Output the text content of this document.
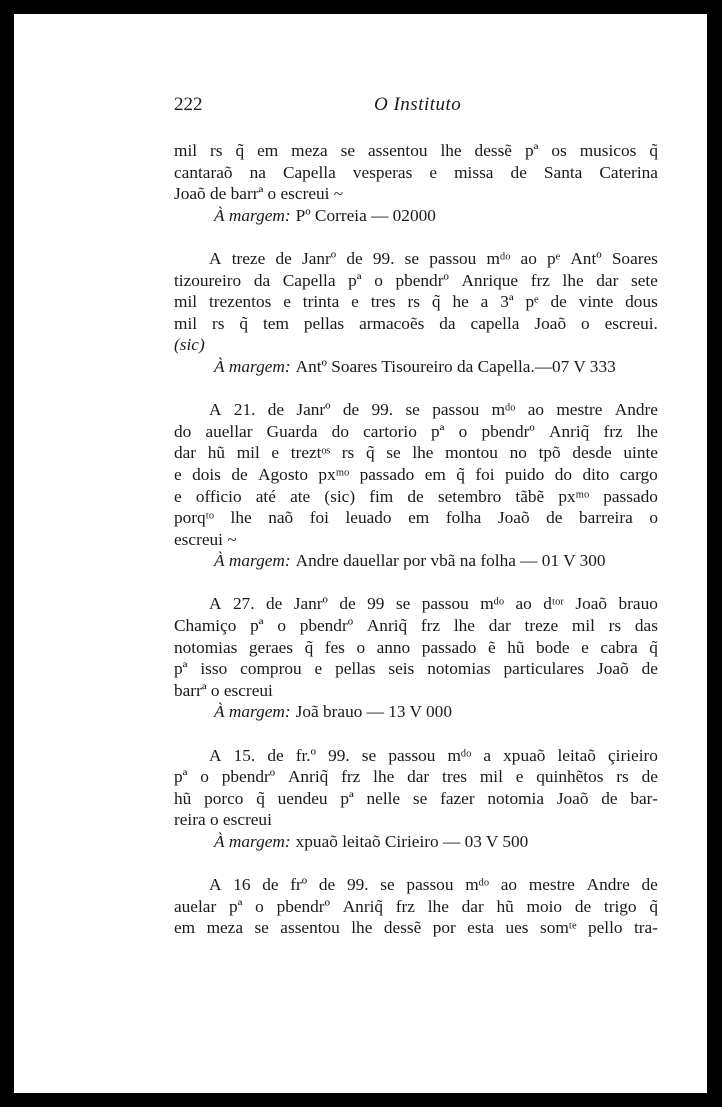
222	O Instituto
mil rs q̃ em meza se assentou lhe dessẽ pª os musicos q̃
cantaraõ na Capella vesperas e missa de Santa Caterina
Joaõ de barrª o escreui ~
À margem: Pº Correia — 02000
A treze de Janrº de 99. se passou mᵈᵒ ao pᵉ Antº Soares
tizoureiro da Capella pª o pbendrº Anrique frz lhe dar sete
mil trezentos e trinta e tres rs q̃ he a 3ª pᵉ de vinte dous
mil rs q̃ tem pellas armacoẽs da capella Joaõ o escreui.
(sic)
À margem: Antº Soares Tisoureiro da Capella.—07 V 333
A 21. de Janrº de 99. se passou mᵈᵒ ao mestre Andre
do auellar Guarda do cartorio pª o pbendrº Anriq̃ frz lhe
dar hũ mil e treztᵒˢ rs q̃ se lhe montou no tpõ desde uinte
e dois de Agosto pxᵐᵒ passado em q̃ foi puido do dito cargo
e officio até ate (sic) fim de setembro tãbẽ pxᵐᵒ passado
porqᵗᵒ lhe naõ foi leuado em folha Joaõ de barreira o
escreui ~
À margem: Andre dauellar por vbã na folha — 01 V 300
A 27. de Janrº de 99 se passou mᵈᵒ ao dᵗᵒʳ Joaõ brauo
Chamiço pª o pbendrº Anriq̃ frz lhe dar treze mil rs das
notomias geraes q̃ fes o anno passado ẽ hũ bode e cabra q̃
pª isso comprou e pellas seis notomias particulares Joaõ de
barrª o escreui
À margem: Joã brauo — 13 V 000
A 15. de fr.º 99. se passou mᵈᵒ a xpuaõ leitaõ çirieiro
pª o pbendrº Anriq̃ frz lhe dar tres mil e quinhẽtos rs de
hũ porco q̃ uendeu pª nelle se fazer notomia Joaõ de bar-
reira o escreui
À margem: xpuaõ leitaõ Cirieiro — 03 V 500
A 16 de frº de 99. se passou mᵈᵒ ao mestre Andre de
auelar pª o pbendrº Anriq̃ frz lhe dar hũ moio de trigo q̃
em meza se assentou lhe dessẽ por esta ues somᵗᵉ pello tra-
